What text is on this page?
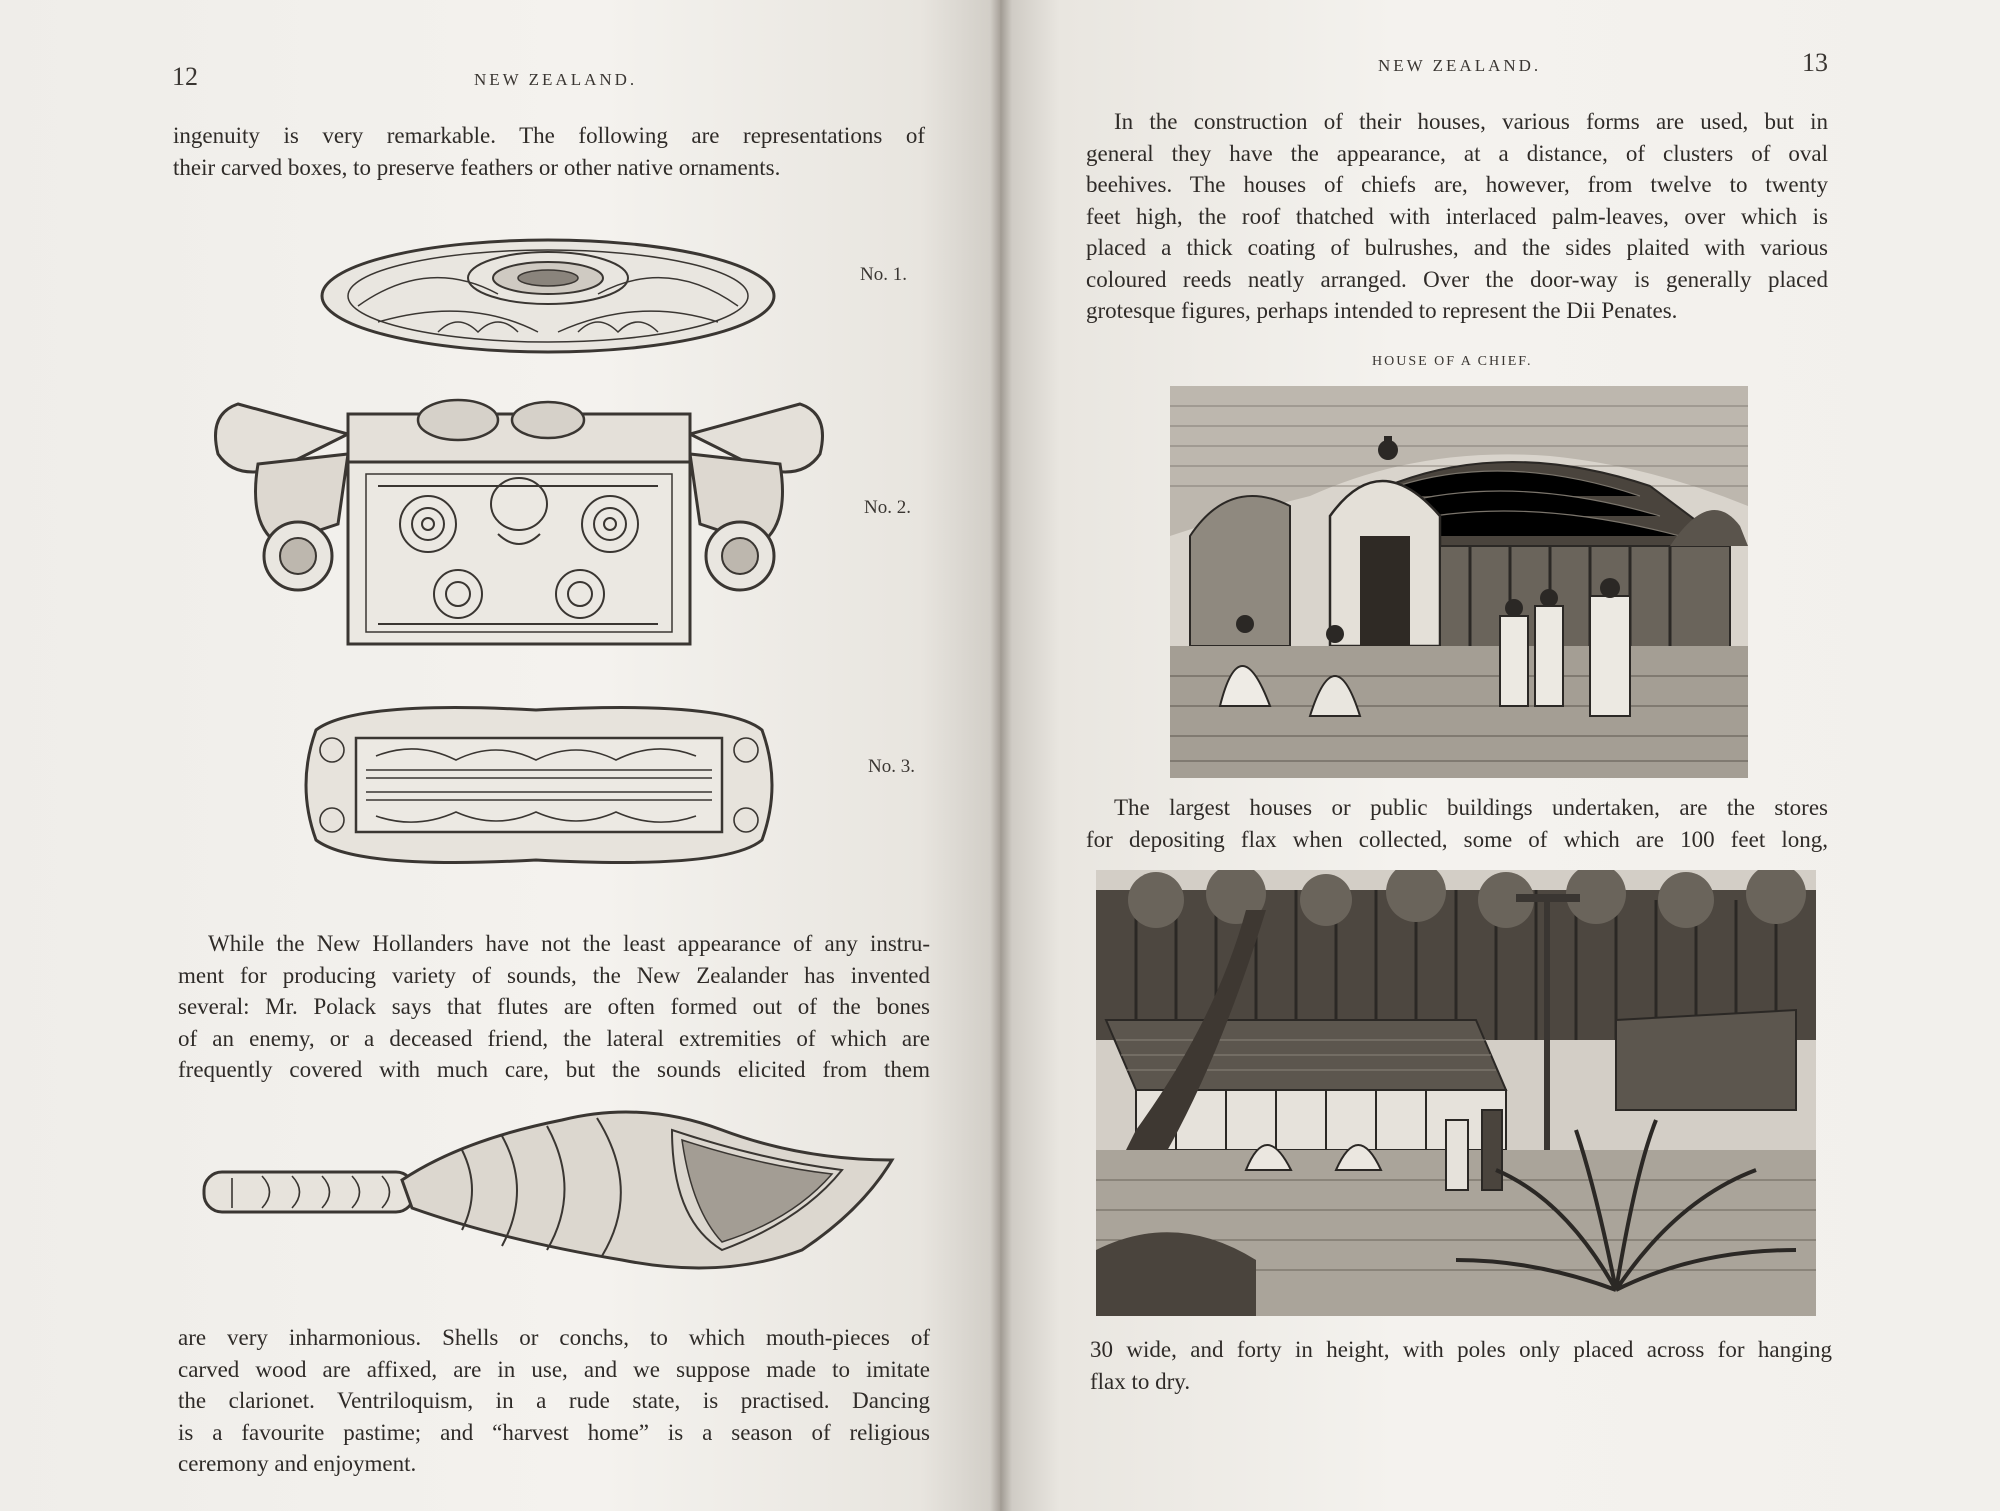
12	NEW ZEALAND.
ingenuity is very remarkable. The following are representations of
their carved boxes, to preserve feathers or other native ornaments.
No. 1.
No. 2.
No. 3.
While the New Hollanders have not the least appearance of any instru-
ment for producing variety of sounds, the New Zealander has invented
several: Mr. Polack says that flutes are often formed out of the bones
of an enemy, or a deceased friend, the lateral extremities of which are
frequently covered with much care, but the sounds elicited from them
are very inharmonious. Shells or conchs, to which mouth-pieces of
carved wood are affixed, are in use, and we suppose made to imitate
the clarionet. Ventriloquism, in a rude state, is practised. Dancing
is a favourite pastime; and “harvest home” is a season of religious
ceremony and enjoyment.
NEW ZEALAND.	13
In the construction of their houses, various forms are used, but in
general they have the appearance, at a distance, of clusters of oval
beehives. The houses of chiefs are, however, from twelve to twenty
feet high, the roof thatched with interlaced palm-leaves, over which is
placed a thick coating of bulrushes, and the sides plaited with various
coloured reeds neatly arranged. Over the door-way is generally placed
grotesque figures, perhaps intended to represent the Dii Penates.
HOUSE OF A CHIEF.
The largest houses or public buildings undertaken, are the stores
for depositing flax when collected, some of which are 100 feet long,
30 wide, and forty in height, with poles only placed across for hanging
flax to dry.
